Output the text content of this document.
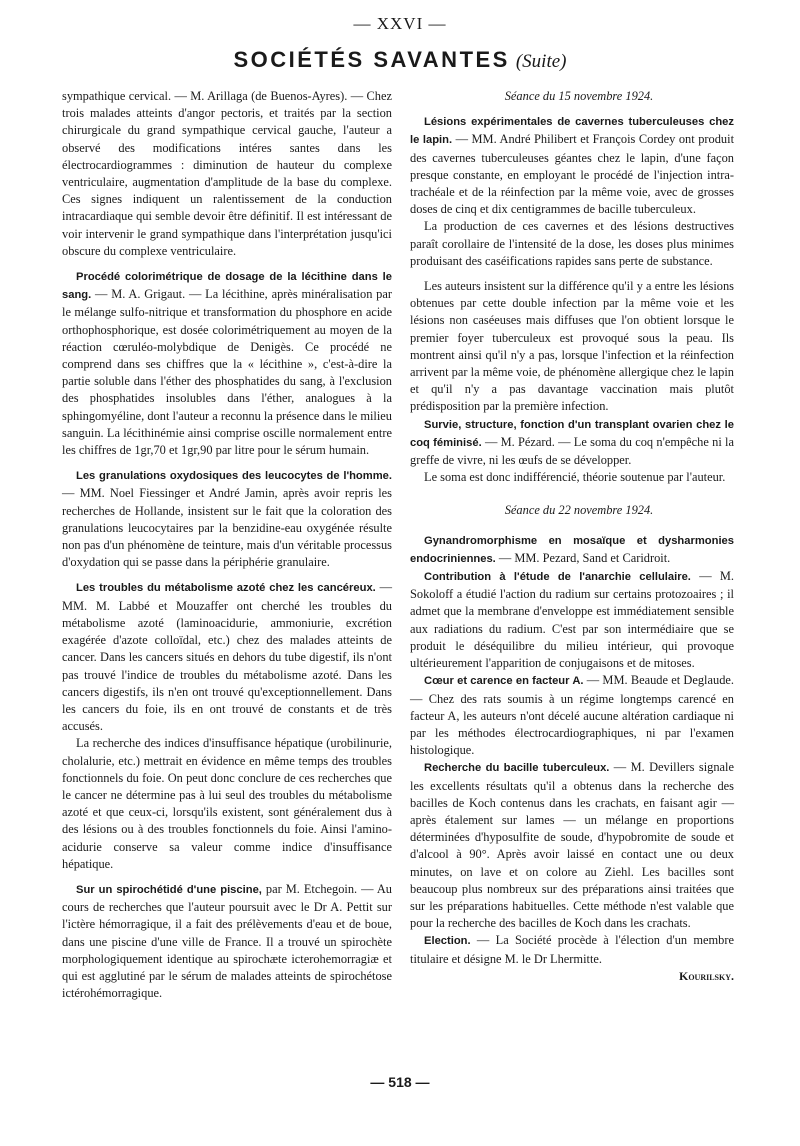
— XXVI —
SOCIÉTÉS SAVANTES (Suite)

sympathique cervical. — M. Arillaga (de Buenos-Ayres). — Chez trois malades atteints d'angor pectoris, et traités par la section chirurgicale du grand sympathique cervical gauche, l'auteur a observé des modifications intéres santes dans les électrocardiogrammes : diminution de hauteur du complexe ventriculaire, augmentation d'amplitude de la base du complexe. Ces signes indiquent un ralentissement de la conduction intracardiaque qui semble devoir être définitif. Il est intéressant de voir intervenir le grand sympathique dans l'interprétation jusqu'ici obscure du complexe ventriculaire.

Procédé colorimétrique de dosage de la lécithine dans le sang. — M. A. Grigaut. — La lécithine, après minéralisation par le mélange sulfo-nitrique et transformation du phosphore en acide orthophosphorique, est dosée colorimétriquement au moyen de la réaction cœruléo-molybdique de Denigès. Ce procédé ne comprend dans ses chiffres que la « lécithine », c'est-à-dire la partie soluble dans l'éther des phosphatides du sang, à l'exclusion des phosphatides insolubles dans l'éther, analogues à la sphingomyéline, dont l'auteur a reconnu la présence dans le milieu sanguin. La lécithinémie ainsi comprise oscille normalement entre les chiffres de 1gr,70 et 1gr,90 par litre pour le sérum humain.

Les granulations oxydosiques des leucocytes de l'homme. — MM. Noel Fiessinger et André Jamin, après avoir repris les recherches de Hollande, insistent sur le fait que la coloration des granulations leucocytaires par la benzidine-eau oxygénée résulte non pas d'un phénomène de teinture, mais d'un véritable processus d'oxydation qui se passe dans la périphérie granulaire.

Les troubles du métabolisme azoté chez les cancéreux. — MM. M. Labbé et Mouzaffer ont cherché les troubles du métabolisme azoté (laminoacidurie, ammoniurie, excrétion exagérée d'azote colloïdal, etc.) chez des malades atteints de cancer. Dans les cancers situés en dehors du tube digestif, ils n'ont pas trouvé l'indice de troubles du métabolisme azoté. Dans les cancers digestifs, ils n'en ont trouvé qu'exceptionnellement. Dans les cancers du foie, ils en ont trouvé de constants et de très accusés.

La recherche des indices d'insuffisance hépatique (urobilinurie, cholalurie, etc.) mettrait en évidence en même temps des troubles fonctionnels du foie. On peut donc conclure de ces recherches que le cancer ne détermine pas à lui seul des troubles du métabolisme azoté et que ceux-ci, lorsqu'ils existent, sont généralement dus à des lésions ou à des troubles fonctionnels du foie. Ainsi l'amino-acidurie conserve sa valeur comme indice d'insuffisance hépatique.

Sur un spirochétidé d'une piscine, par M. Etchegoin. — Au cours de recherches que l'auteur poursuit avec le Dr A. Pettit sur l'ictère hémorragique, il a fait des prélèvements d'eau et de boue, dans une piscine d'une ville de France. Il a trouvé un spirochète morphologiquement identique au spirochæte icterohemorragiæ et qui est agglutiné par le sérum de malades atteints de spirochétose ictérohémorragique.

Séance du 15 novembre 1924.

Lésions expérimentales de cavernes tuberculeuses chez le lapin. — MM. André Philibert et François Cordey ont produit des cavernes tuberculeuses géantes chez le lapin, d'une façon presque constante, en employant le procédé de l'injection intra-trachéale et de la réinfection par la même voie, avec de grosses doses de cinq et dix centigrammes de bacille tuberculeux.

La production de ces cavernes et des lésions destructives paraît corollaire de l'intensité de la dose, les doses plus minimes produisant des caséifications rapides sans perte de substance.

Les auteurs insistent sur la différence qu'il y a entre les lésions obtenues par cette double infection par la même voie et les lésions non caséeuses mais diffuses que l'on obtient lorsque le premier foyer tuberculeux est provoqué sous la peau. Ils montrent ainsi qu'il n'y a pas, lorsque l'infection et la réinfection arrivent par la même voie, de phénomène allergique chez le lapin et qu'il n'y a pas davantage vaccination mais plutôt prédisposition par la première infection.

Survie, structure, fonction d'un transplant ovarien chez le coq féminisé. — M. Pézard. — Le soma du coq n'empêche ni la greffe de vivre, ni les œufs de se développer.

Le soma est donc indifférencié, théorie soutenue par l'auteur.

Séance du 22 novembre 1924.

Gynandromorphisme en mosaïque et dysharmonies endocriniennes. — MM. Pezard, Sand et Caridroit.

Contribution à l'étude de l'anarchie cellulaire. — M. Sokoloff a étudié l'action du radium sur certains protozoaires ; il admet que la membrane d'enveloppe est immédiatement sensible aux radiations du radium. C'est par son intermédiaire que se produit le déséquilibre du milieu intérieur, qui provoque ultérieurement l'apparition de conjugaisons et de mitoses.

Cœur et carence en facteur A. — MM. Beaude et Deglaude. — Chez des rats soumis à un régime longtemps carencé en facteur A, les auteurs n'ont décelé aucune altération cardiaque ni par les méthodes électrocardiographiques, ni par l'examen histologique.

Recherche du bacille tuberculeux. — M. Devillers signale les excellents résultats qu'il a obtenus dans la recherche des bacilles de Koch contenus dans les crachats, en faisant agir — après étalement sur lames — un mélange en proportions déterminées d'hyposulfite de soude, d'hypobromite de soude et d'alcool à 90°. Après avoir laissé en contact une ou deux minutes, on lave et on colore au Ziehl. Les bacilles sont beaucoup plus nombreux sur des préparations ainsi traitées que sur les préparations habituelles. Cette méthode n'est valable que pour la recherche des bacilles de Koch dans les crachats.

Election. — La Société procède à l'élection d'un membre titulaire et désigne M. le Dr Lhermitte.

Kourilsky.

— 518 —
